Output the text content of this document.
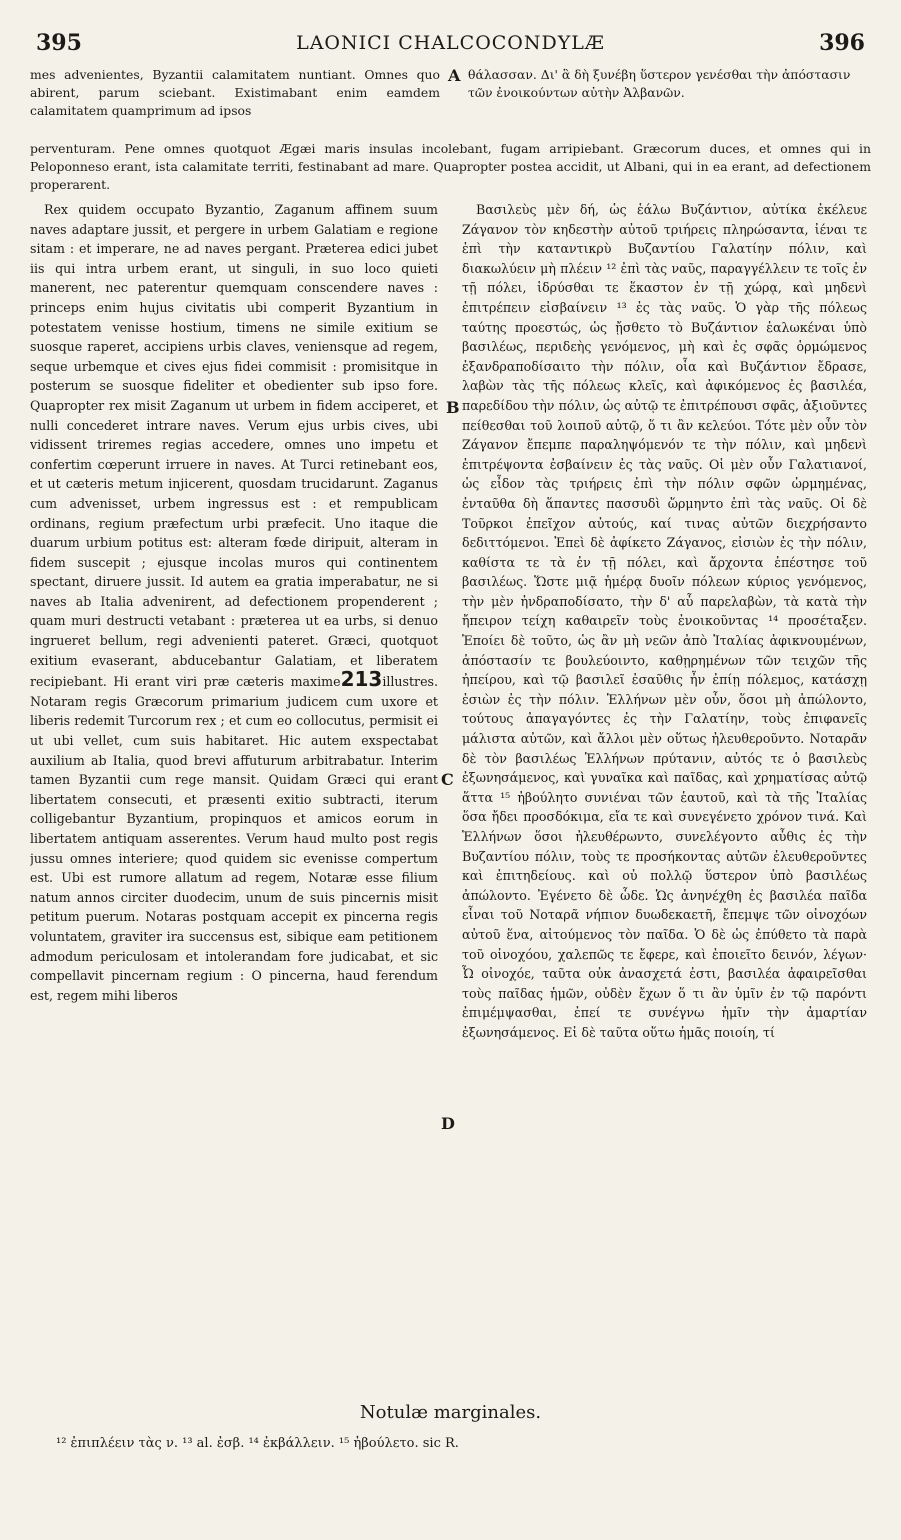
395	LAONICI CHALCOCONDYLÆ	396
mes advenientes, Byzantii calamitatem nuntiant. Omnes quo abirent, parum sciebant. Existimabant enim eamdem calamitatem quamprimum ad ipsos
θάλασσαν. Δι' ἃ δὴ ξυνέβη ὕστερον γενέσθαι τὴν ἀπόστασιν τῶν ἐνοικούντων αὐτὴν Ἀλβανῶν.
perventuram. Pene omnes quotquot Ægæi maris insulas incolebant, fugam arripiebant. Græcorum duces, et omnes qui in Peloponneso erant, ista calamitate territi, festinabant ad mare. Quapropter postea accidit, ut Albani, qui in ea erant, ad defectionem properarent.
A
B
C
D

Rex quidem occupato Byzantio, Zaganum affinem suum naves adaptare jussit, et pergere in urbem Galatiam e regione sitam : et imperare, ne ad naves pergant. Præterea edici jubet iis qui intra urbem erant, ut singuli, in suo loco quieti manerent, nec paterentur quemquam conscendere naves : princeps enim hujus civitatis ubi comperit Byzantium in potestatem venisse hostium, timens ne simile exitium se suosque raperet, accipiens urbis claves, veniensque ad regem, seque urbemque et cives ejus fidei commisit : promisitque in posterum se suosque fideliter et obedienter sub ipso fore. Quapropter rex misit Zaganum ut urbem in fidem acciperet, et nulli concederet intrare naves. Verum ejus urbis cives, ubi vidissent triremes regias accedere, omnes uno impetu et confertim cœperunt irruere in naves. At Turci retinebant eos, et ut cæteris metum injicerent, quosdam trucidarunt. Zaganus cum advenisset, urbem ingressus est : et rempublicam ordinans, regium præfectum urbi præfecit. Uno itaque die duarum urbium potitus est: alteram fœde diripuit, alteram in fidem suscepit ; ejusque incolas muros qui continentem spectant, diruere jussit. Id autem ea gratia imperabatur, ne si naves ab Italia advenirent, ad defectionem propenderent ; quam muri destructi vetabant : præterea ut ea urbs, si denuo ingrueret bellum, regi advenienti pateret. Græci, quotquot exitium evaserant, abducebantur Galatiam, et liberatem recipiebant. Hi erant viri præ cæteris maxime213illustres. Notaram regis Græcorum primarium judicem cum uxore et liberis redemit Turcorum rex ; et cum eo collocutus, permisit ei ut ubi vellet, cum suis habitaret. Hic autem exspectabat auxilium ab Italia, quod brevi affuturum arbitrabatur. Interim tamen Byzantii cum rege mansit. Quidam Græci qui erant libertatem consecuti, et præsenti exitio subtracti, iterum colligebantur Byzantium, propinquos et amicos eorum in libertatem antiquam asserentes. Verum haud multo post regis jussu omnes interiere; quod quidem sic evenisse compertum est. Ubi est rumore allatum ad regem, Notaræ esse filium natum annos circiter duodecim, unum de suis pincernis misit petitum puerum. Notaras postquam accepit ex pincerna regis voluntatem, graviter ira succensus est, sibique eam petitionem admodum periculosam et intolerandam fore judicabat, et sic compellavit pincernam regium : O pincerna, haud ferendum est, regem mihi liberos

Βασιλεὺς μὲν δή, ὡς ἑάλω Βυζάντιον, αὐτίκα ἐκέλευε Ζάγανον τὸν κηδεστὴν αὐτοῦ τριήρεις πληρώσαντα, ἰέναι τε ἐπὶ τὴν καταντικρὺ Βυζαντίου Γαλατίην πόλιν, καὶ διακωλύειν μὴ πλέειν ¹² ἐπὶ τὰς ναῦς, παραγγέλλειν τε τοῖς ἐν τῇ πόλει, ἱδρύσθαι τε ἕκαστον ἐν τῇ χώρᾳ, καὶ μηδενὶ ἐπιτρέπειν εἰσβαίνειν ¹³ ἐς τὰς ναῦς. Ὁ γὰρ τῆς πόλεως ταύτης προεστώς, ὡς ᾔσθετο τὸ Βυζάντιον ἑαλωκέναι ὑπὸ βασιλέως, περιδεὴς γενόμενος, μὴ καὶ ἐς σφᾶς ὁρμώμενος ἐξανδραποδίσαιτο τὴν πόλιν, οἷα καὶ Βυζάντιον ἔδρασε, λαβὼν τὰς τῆς πόλεως κλεῖς, καὶ ἀφικόμενος ἐς βασιλέα, παρεδίδου τὴν πόλιν, ὡς αὐτῷ τε ἐπιτρέπουσι σφᾶς, ἀξιοῦντες πείθεσθαι τοῦ λοιποῦ αὐτῷ, ὅ τι ἂν κελεύοι. Τότε μὲν οὖν τὸν Ζάγανον ἔπεμπε παραληψόμενόν τε τὴν πόλιν, καὶ μηδενὶ ἐπιτρέψοντα ἐσβαίνειν ἐς τὰς ναῦς. Οἱ μὲν οὖν Γαλατιανοί, ὡς εἶδον τὰς τριήρεις ἐπὶ τὴν πόλιν σφῶν ὡρμημένας, ἐνταῦθα δὴ ἅπαντες πασσυδὶ ὥρμηντο ἐπὶ τὰς ναῦς. Οἱ δὲ Τοῦρκοι ἐπεῖχον αὐτούς, καί τινας αὐτῶν διεχρήσαντο δεδιττόμενοι. Ἐπεὶ δὲ ἀφίκετο Ζάγανος, εἰσιὼν ἐς τὴν πόλιν, καθίστα τε τὰ ἐν τῇ πόλει, καὶ ἄρχοντα ἐπέστησε τοῦ βασιλέως. Ὥστε μιᾷ ἡμέρᾳ δυοῖν πόλεων κύριος γενόμενος, τὴν μὲν ἠνδραποδίσατο, τὴν δ' αὖ παρελαβὼν, τὰ κατὰ τὴν ἤπειρον τείχη καθαιρεῖν τοὺς ἐνοικοῦντας ¹⁴ προσέταξεν. Ἐποίει δὲ τοῦτο, ὡς ἂν μὴ νεῶν ἀπὸ Ἰταλίας ἀφικνουμένων, ἀπόστασίν τε βουλεύοιντο, καθῃρημένων τῶν τειχῶν τῆς ἠπείρου, καὶ τῷ βασιλεῖ ἐσαῦθις ἦν ἐπίῃ πόλεμος, κατάσχῃ ἐσιὼν ἐς τὴν πόλιν. Ἑλλήνων μὲν οὖν, ὅσοι μὴ ἀπώλοντο, τούτους ἀπαγαγόντες ἐς τὴν Γαλατίην, τοὺς ἐπιφανεῖς μάλιστα αὐτῶν, καὶ ἄλλοι μὲν οὕτως ἠλευθεροῦντο. Νοταρᾶν δὲ τὸν βασιλέως Ἑλλήνων πρύτανιν, αὐτός τε ὁ βασιλεὺς ἐξωνησάμενος, καὶ γυναῖκα καὶ παῖδας, καὶ χρηματίσας αὐτῷ ἅττα ¹⁵ ἠβούλητο συνιέναι τῶν ἑαυτοῦ, καὶ τὰ τῆς Ἰταλίας ὅσα ἤδει προσδόκιμα, εἴα τε καὶ συνεγένετο χρόνον τινά. Καὶ Ἑλλήνων ὅσοι ἠλευθέρωντο, συνελέγοντο αὖθις ἐς τὴν Βυζαντίου πόλιν, τοὺς τε προσήκοντας αὐτῶν ἐλευθεροῦντες καὶ ἐπιτηδείους. καὶ οὐ πολλῷ ὕστερον ὑπὸ βασιλέως ἀπώλοντο. Ἐγένετο δὲ ὧδε. Ὡς ἀνηνέχθη ἐς βασιλέα παῖδα εἶναι τοῦ Νοταρᾶ νήπιον δυωδεκαετῆ, ἔπεμψε τῶν οἰνοχόων αὐτοῦ ἕνα, αἰτούμενος τὸν παῖδα. Ὁ δὲ ὡς ἐπύθετο τὰ παρὰ τοῦ οἰνοχόου, χαλεπῶς τε ἔφερε, καὶ ἐποιεῖτο δεινόν, λέγων· Ὦ οἰνοχόε, ταῦτα οὐκ ἀνασχετά ἐστι, βασιλέα ἀφαιρεῖσθαι τοὺς παῖδας ἡμῶν, οὐδὲν ἔχων ὅ τι ἂν ὑμῖν ἐν τῷ παρόντι ἐπιμέμψασθαι, ἐπεί τε συνέγνω ἡμῖν τὴν ἁμαρτίαν ἐξωνησάμενος. Εἰ δὲ ταῦτα οὕτω ἡμᾶς ποιοίη, τί

Notulæ marginales.
¹² ἐπιπλέειν τὰς ν. ¹³ al. ἐσβ. ¹⁴ ἐκβάλλειν. ¹⁵ ἠβούλετο. sic R.
